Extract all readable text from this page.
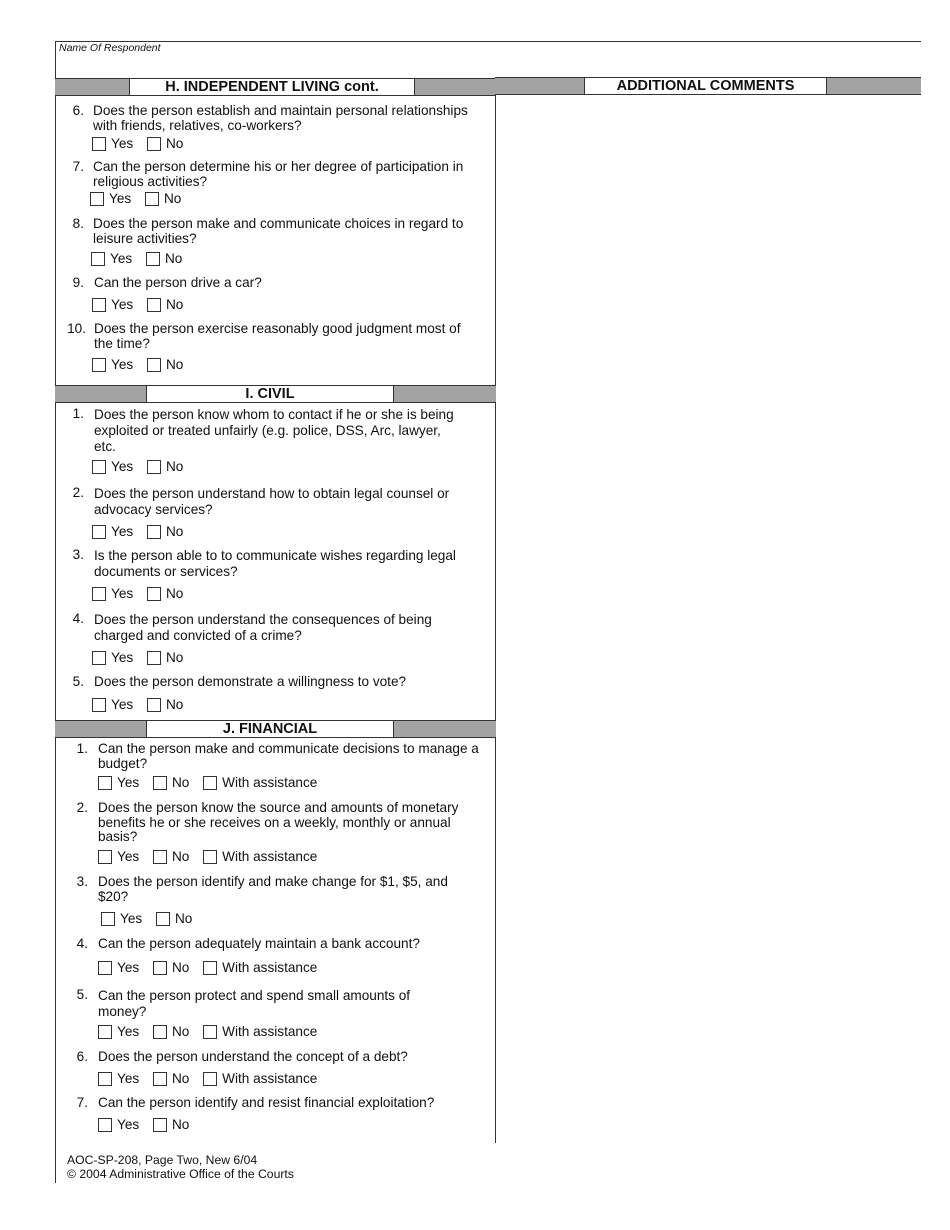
Name Of Respondent
H. INDEPENDENT LIVING cont.	ADDITIONAL COMMENTS
6. Does the person establish and maintain personal relationships with friends, relatives, co-workers?
Yes
No
7. Can the person determine his or her degree of participation in religious activities?
Yes
No
8. Does the person make and communicate choices in regard to leisure activities?
Yes
No
9. Can the person drive a car?
Yes
No
10. Does the person exercise reasonably good judgment most of the time?
Yes
No
I. CIVIL
1. Does the person know whom to contact if he or she is being exploited or treated unfairly (e.g. police, DSS, Arc, lawyer, etc.
Yes
No
2. Does the person understand how to obtain legal counsel or advocacy services?
Yes
No
3. Is the person able to to communicate wishes regarding legal documents or services?
Yes
No
4. Does the person understand the consequences of being charged and convicted of a crime?
Yes
No
5. Does the person demonstrate a willingness to vote?
Yes
No
J. FINANCIAL
1. Can the person make and communicate decisions to manage a budget?
Yes
No
With assistance
2. Does the person know the source and amounts of monetary benefits he or she receives on a weekly, monthly or annual basis?
Yes
No
With assistance
3. Does the person identify and make change for $1, $5, and $20?
Yes
No
4. Can the person adequately maintain a bank account?
Yes
No
With assistance
5. Can the person protect and spend small amounts of money?
Yes
No
With assistance
6. Does the person understand the concept of a debt?
Yes
No
With assistance
7. Can the person identify and resist financial exploitation?
Yes
No
AOC-SP-208, Page Two, New 6/04
© 2004 Administrative Office of the Courts
